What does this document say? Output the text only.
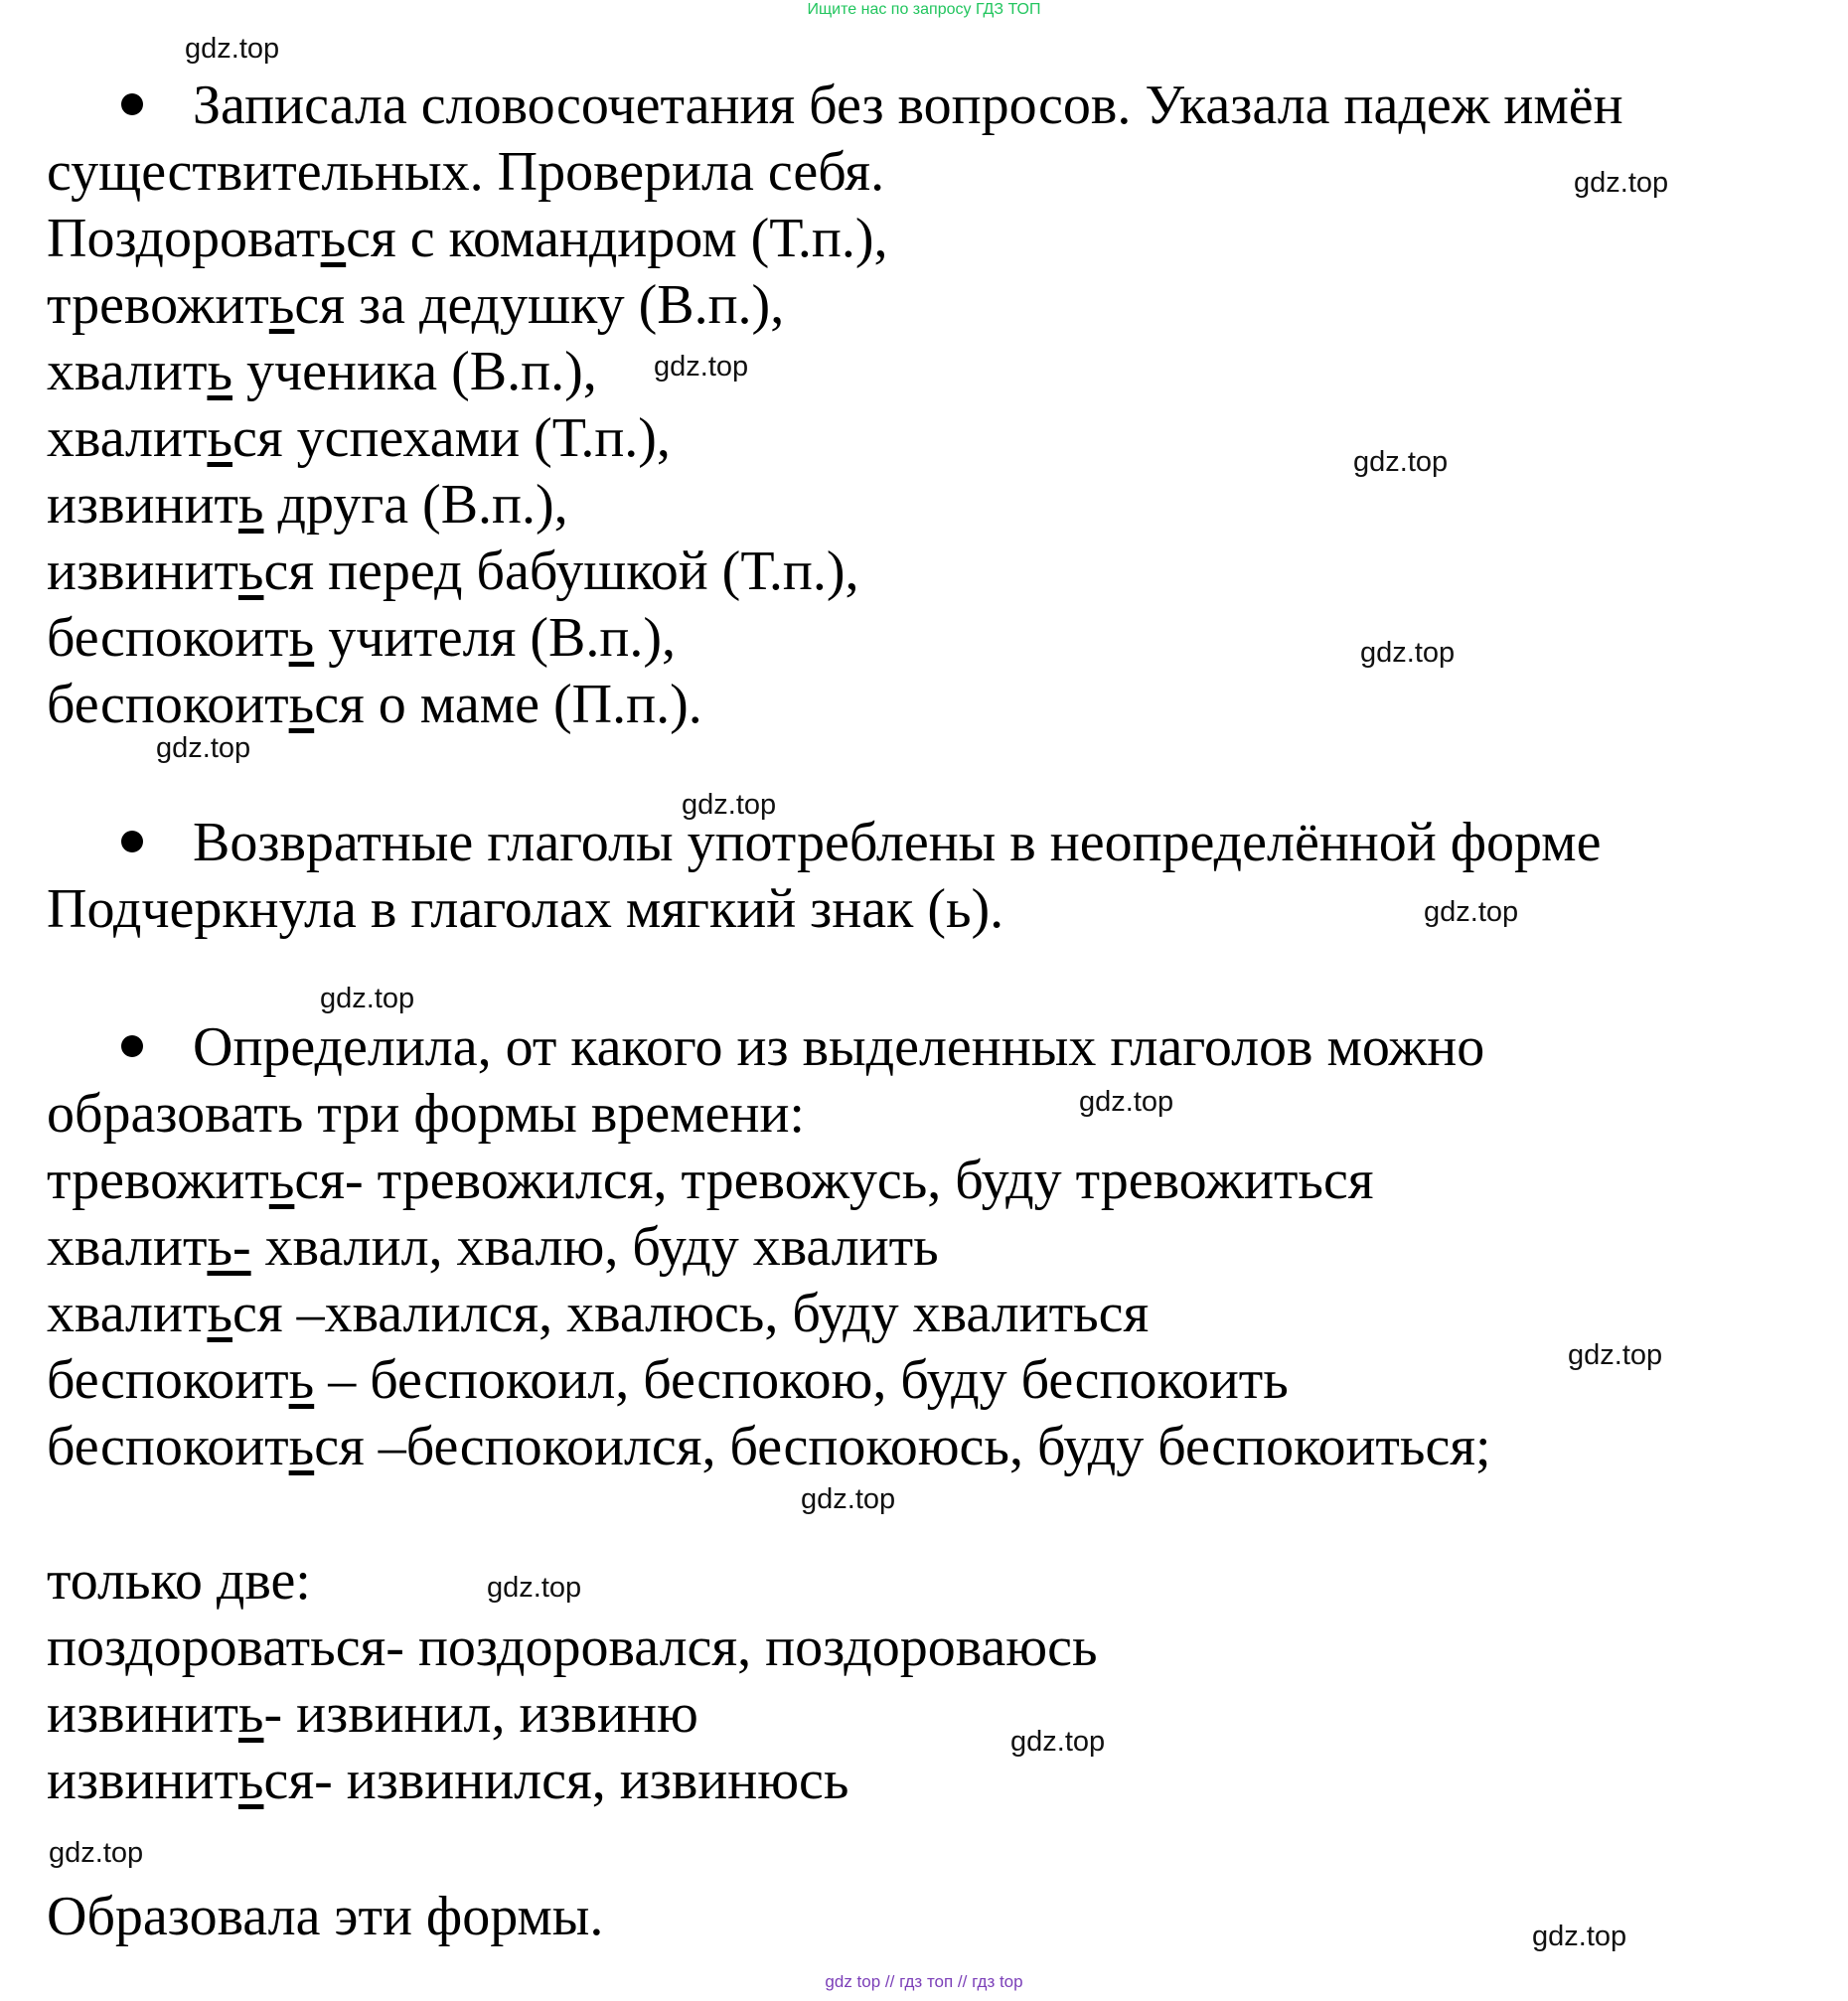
Ищите нас по запросу ГДЗ ТОП
Записала словосочетания без вопросов. Указала падеж имён
существительных. Проверила себя.
Поздороваться с командиром (Т.п.),
тревожиться за дедушку (В.п.),
хвалить ученика (В.п.),
хвалиться успехами (Т.п.),
извинить друга (В.п.),
извиниться перед бабушкой (Т.п.),
беспокоить учителя (В.п.),
беспокоиться о маме (П.п.).
Возвратные глаголы употреблены в неопределённой форме
Подчеркнула в глаголах мягкий знак (ь).
Определила, от какого из выделенных глаголов можно
образовать три формы времени:
тревожиться- тревожился, тревожусь, буду тревожиться
хвалить- хвалил, хвалю, буду хвалить
хвалиться –хвалился, хвалюсь, буду хвалиться
беспокоить – беспокоил, беспокою, буду беспокоить
беспокоиться –беспокоился, беспокоюсь, буду беспокоиться;
только две:
поздороваться- поздоровался, поздороваюсь
извинить- извинил, извиню
извиниться- извинился, извинюсь
Образовала эти формы.
gdz.top
gdz.top
gdz.top
gdz.top
gdz.top
gdz.top
gdz.top
gdz.top
gdz.top
gdz.top
gdz.top
gdz.top
gdz.top
gdz.top
gdz.top
gdz.top
gdz top // гдз топ // гдз top
